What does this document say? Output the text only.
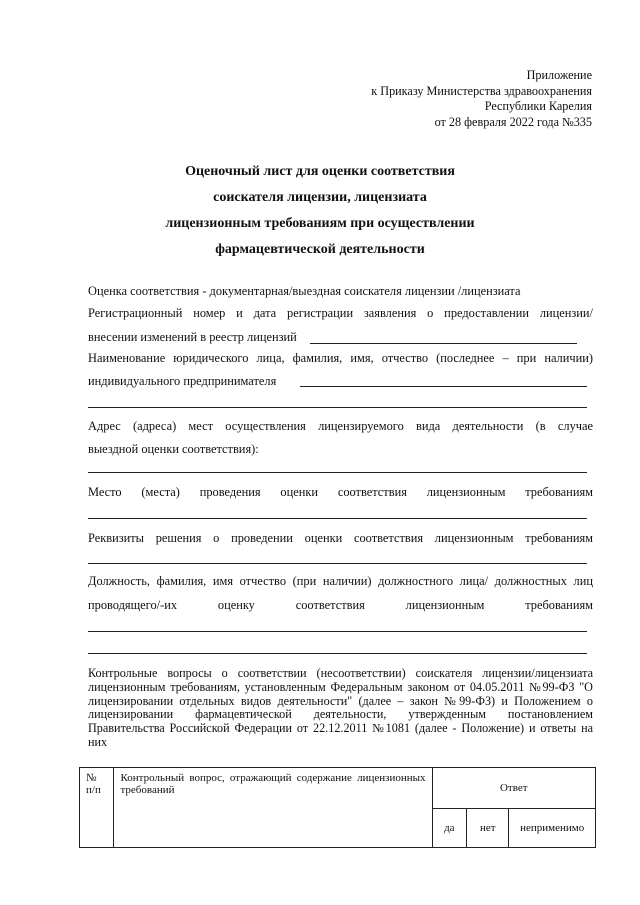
Приложение
к Приказу Министерства здравоохранения
Республики Карелия
от 28 февраля 2022 года №335
Оценочный лист для оценки соответствия
соискателя лицензии, лицензиата
лицензионным требованиям при осуществлении
фармацевтической деятельности
Оценка соответствия - документарная/выездная соискателя лицензии /лицензиата
Регистрационный номер и дата регистрации заявления о предоставлении лицензии/
внесении изменений в реестр лицензий
Наименование юридического лица, фамилия, имя, отчество (последнее – при наличии)
индивидуального предпринимателя
Адрес (адреса) мест осуществления лицензируемого вида деятельности (в случае
выездной оценки соответствия):
Место (места) проведения оценки соответствия лицензионным требованиям
Реквизиты решения о проведении оценки соответствия лицензионным требованиям
Должность, фамилия, имя отчество (при наличии) должностного лица/ должностных лиц
проводящего/-их оценку соответствия лицензионным требованиям
Контрольные вопросы о соответствии (несоответствии) соискателя лицензии/лицензиата лицензионным требованиям, установленным Федеральным законом от 04.05.2011 №99-ФЗ "О лицензировании отдельных видов деятельности" (далее – закон №99-ФЗ) и Положением о лицензировании фармацевтической деятельности, утвержденным постановлением Правительства Российской Федерации от 22.12.2011 №1081 (далее - Положение) и ответы на них
№ п/п	Контрольный вопрос, отражающий содержание лицензионных требований	Ответ		
		да	нет	неприменимо
